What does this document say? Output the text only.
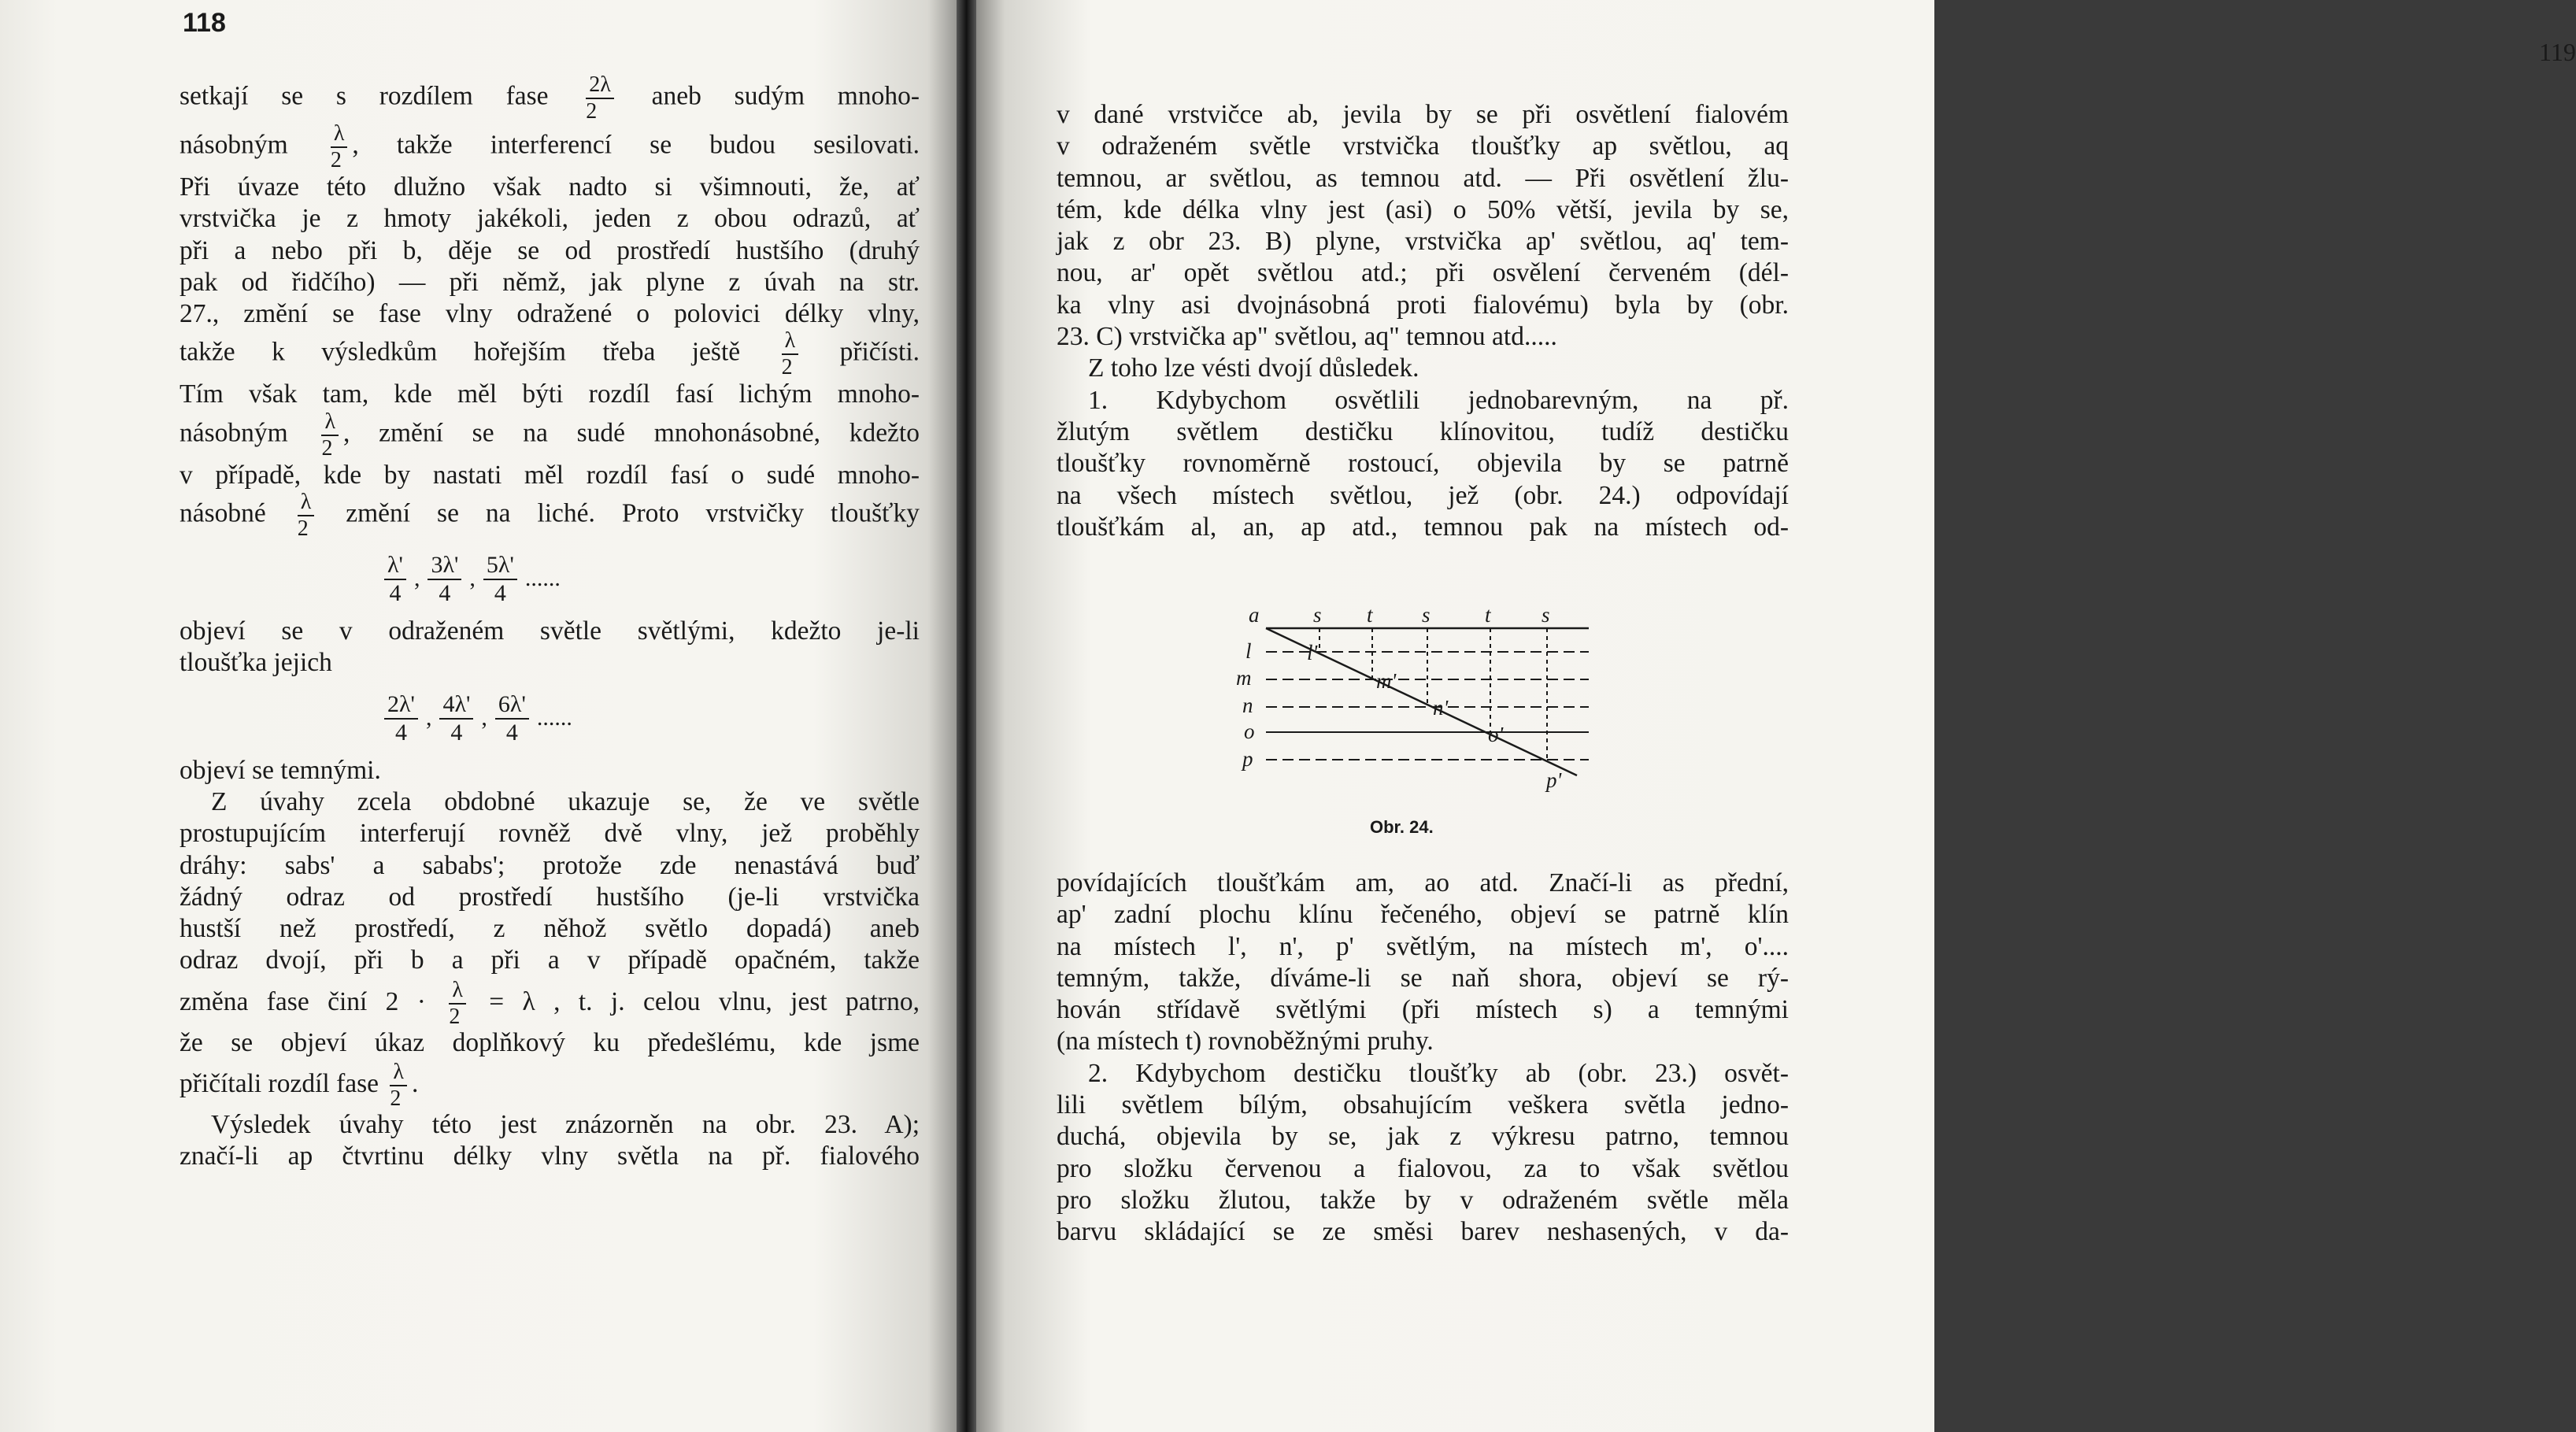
118
setkají se s rozdílem fase $\frac{2\lambda}{2}$ aneb sudým mnoho-
násobným $\frac{\lambda}{2}$ , takže interferencí se budou sesilovati.
Při úvaze této dlužno však nadto si všimnouti, že, ať
vrstvička je z hmoty jakékoli, jeden z obou odrazů, ať
při a nebo při b, děje se od prostředí hustšího (druhý
pak od řidčího) — při němž, jak plyne z úvah na str.
27., změní se fase vlny odražené o polovici délky vlny,
takže k výsledkům hořejším třeba ještě $\frac{\lambda}{2}$ přičísti.
Tím však tam, kde měl býti rozdíl fasí lichým mnoho-
násobným $\frac{\lambda}{2}$ , změní se na sudé mnohonásobné, kdežto
v případě, kde by nastati měl rozdíl fasí o sudé mnoho-
násobné $\frac{\lambda}{2}$ změní se na liché. Proto vrstvičky tloušťky
$\frac{\lambda'}{4}$ , $\frac{3\lambda'}{4}$ , $\frac{5\lambda'}{4}$ ......
objeví se v odraženém světle světlými, kdežto je-li
tloušťka jejich
$\frac{2\lambda'}{4}$ , $\frac{4\lambda'}{4}$ , $\frac{6\lambda'}{4}$ ......
objeví se temnými.
Z úvahy zcela obdobné ukazuje se, že ve světle
prostupujícím interferují rovněž dvě vlny, jež proběhly
dráhy: sabs' a sababs'; protože zde nenastává buď
žádný odraz od prostředí hustšího (je-li vrstvička
hustší než prostředí, z něhož světlo dopadá) aneb
odraz dvojí, při b a při a v případě opačném, takže
změna fase činí $2 \cdot \frac{\lambda}{2} = \lambda$ , t. j. celou vlnu, jest patrno,
že se objeví úkaz doplňkový ku předešlému, kde jsme
přičítali rozdíl fase $\frac{\lambda}{2}$ .
Výsledek úvahy této jest znázorněn na obr. 23. A);
značí-li ap čtvrtinu délky vlny světla na př. fialového
119
v dané vrstvičce ab, jevila by se při osvětlení fialovém
v odraženém světle vrstvička tloušťky ap světlou, aq
temnou, ar světlou, as temnou atd. — Při osvětlení žlu-
tém, kde délka vlny jest (asi) o 50% větší, jevila by se,
jak z obr 23. B) plyne, vrstvička ap' světlou, aq' tem-
nou, ar' opět světlou atd.; při osvělení červeném (dél-
ka vlny asi dvojnásobná proti fialovému) byla by (obr.
23. C) vrstvička ap" světlou, aq" temnou atd.....
Z toho lze vésti dvojí důsledek.
1. Kdybychom osvětlili jednobarevným, na př.
žlutým světlem destičku klínovitou, tudíž destičku
tloušťky rovnoměrně rostoucí, objevila by se patrně
na všech místech světlou, jež (obr. 24.) odpovídají
tloušťkám al, an, ap atd., temnou pak na místech od-
a	s t s	t s
l
m
n
o
p
l'
m'
n'
o'
p'
Obr. 24.
povídajících tloušťkám am, ao atd. Značí-li as přední,
ap' zadní plochu klínu řečeného, objeví se patrně klín
na místech l', n', p' světlým, na místech m', o'....
temným, takže, díváme-li se naň shora, objeví se rý-
hován střídavě světlými (při místech s) a temnými
(na místech t) rovnoběžnými pruhy.
2. Kdybychom destičku tloušťky ab (obr. 23.) osvět-
lili světlem bílým, obsahujícím veškera světla jedno-
duchá, objevila by se, jak z výkresu patrno, temnou
pro složku červenou a fialovou, za to však světlou
pro složku žlutou, takže by v odraženém světle měla
barvu skládající se ze směsi barev neshasených, v da-
